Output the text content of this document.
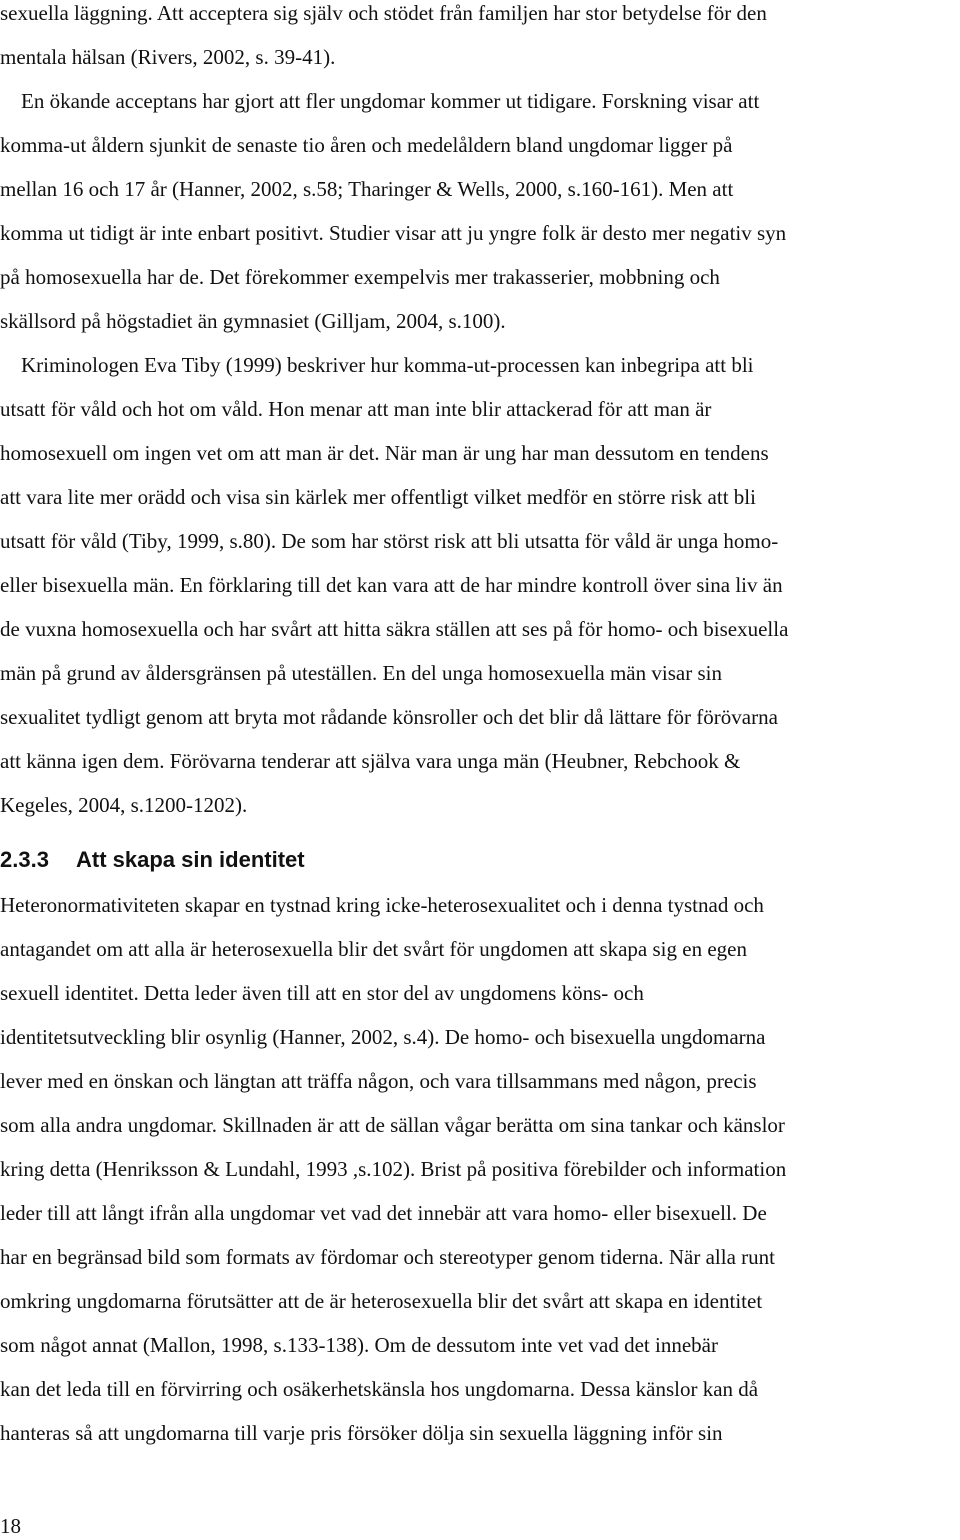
sexuella läggning. Att acceptera sig själv och stödet från familjen har stor betydelse för den
mentala hälsan (Rivers, 2002, s. 39-41).
En ökande acceptans har gjort att fler ungdomar kommer ut tidigare. Forskning visar att
komma-ut åldern sjunkit de senaste tio åren och medelåldern bland ungdomar ligger på
mellan 16 och 17 år (Hanner, 2002, s.58; Tharinger & Wells, 2000, s.160-161). Men att
komma ut tidigt är inte enbart positivt. Studier visar att ju yngre folk är desto mer negativ syn
på homosexuella har de. Det förekommer exempelvis mer trakasserier, mobbning och
skällsord på högstadiet än gymnasiet (Gilljam, 2004, s.100).
Kriminologen Eva Tiby (1999) beskriver hur komma-ut-processen kan inbegripa att bli
utsatt för våld och hot om våld. Hon menar att man inte blir attackerad för att man är
homosexuell om ingen vet om att man är det. När man är ung har man dessutom en tendens
att vara lite mer orädd och visa sin kärlek mer offentligt vilket medför en större risk att bli
utsatt för våld (Tiby, 1999, s.80). De som har störst risk att bli utsatta för våld är unga homo-
eller bisexuella män. En förklaring till det kan vara att de har mindre kontroll över sina liv än
de vuxna homosexuella och har svårt att hitta säkra ställen att ses på för homo- och bisexuella
män på grund av åldersgränsen på uteställen. En del unga homosexuella män visar sin
sexualitet tydligt genom att bryta mot rådande könsroller och det blir då lättare för förövarna
att känna igen dem. Förövarna tenderar att själva vara unga män (Heubner, Rebchook &
Kegeles, 2004, s.1200-1202).
2.3.3 Att skapa sin identitet
Heteronormativiteten skapar en tystnad kring icke-heterosexualitet och i denna tystnad och
antagandet om att alla är heterosexuella blir det svårt för ungdomen att skapa sig en egen
sexuell identitet. Detta leder även till att en stor del av ungdomens köns- och
identitetsutveckling blir osynlig (Hanner, 2002, s.4). De homo- och bisexuella ungdomarna
lever med en önskan och längtan att träffa någon, och vara tillsammans med någon, precis
som alla andra ungdomar. Skillnaden är att de sällan vågar berätta om sina tankar och känslor
kring detta (Henriksson & Lundahl, 1993 ,s.102). Brist på positiva förebilder och information
leder till att långt ifrån alla ungdomar vet vad det innebär att vara homo- eller bisexuell. De
har en begränsad bild som formats av fördomar och stereotyper genom tiderna. När alla runt
omkring ungdomarna förutsätter att de är heterosexuella blir det svårt att skapa en identitet
som något annat (Mallon, 1998, s.133-138). Om de dessutom inte vet vad det innebär
kan det leda till en förvirring och osäkerhetskänsla hos ungdomarna. Dessa känslor kan då
hanteras så att ungdomarna till varje pris försöker dölja sin sexuella läggning inför sin
18
